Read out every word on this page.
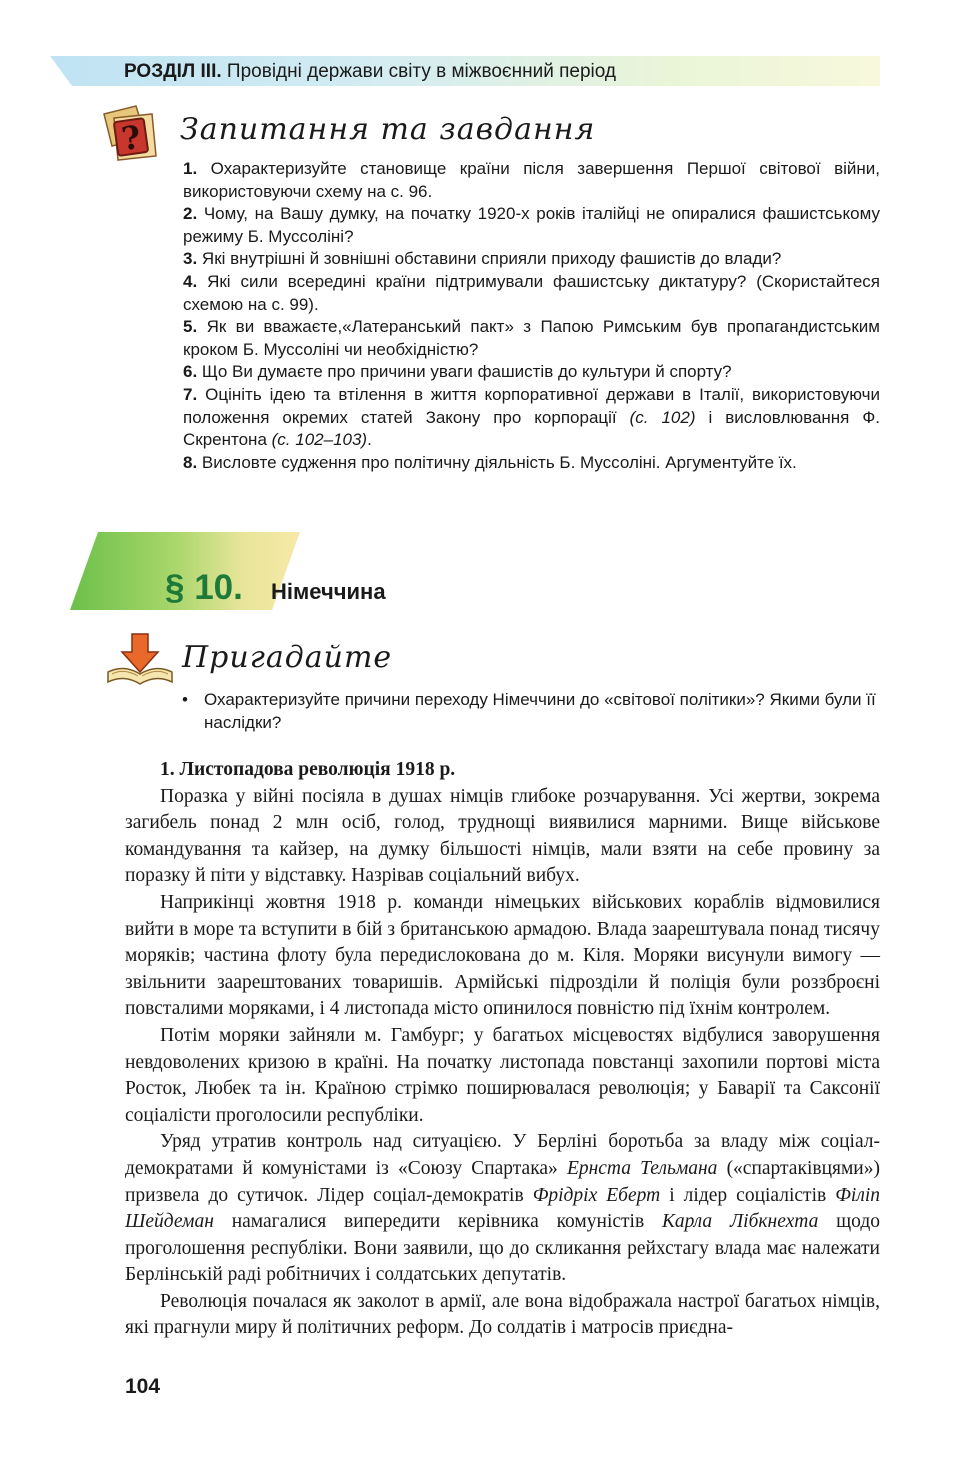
РОЗДІЛ ІІІ. Провідні держави світу в міжвоєнний період
? Запитання та завдання

1. Охарактеризуйте становище країни після завершення Першої світової війни, використовуючи схему на с. 96.

2. Чому, на Вашу думку, на початку 1920-х років італійці не опиралися фашистському режиму Б. Муссоліні?

3. Які внутрішні й зовнішні обставини сприяли приходу фашистів до влади?

4. Які сили всередині країни підтримували фашистську диктатуру? (Скористайтеся схемою на с. 99).

5. Як ви вважаєте,«Латеранський пакт» з Папою Римським був пропагандистським кроком Б. Муссоліні чи необхідністю?

6. Що Ви думаєте про причини уваги фашистів до культури й спорту?

7. Оцініть ідею та втілення в життя корпоративної держави в Італії, використовуючи положення окремих статей Закону про корпорації (с. 102) і висловлювання Ф. Скрентона (с. 102–103).

8. Висловте судження про політичну діяльність Б. Муссоліні. Аргументуйте їх.

§ 10. Німеччина
Пригадайте
• Охарактеризуйте причини переходу Німеччини до «світової політики»? Якими були її наслідки?
1. Листопадова революція 1918 р.

Поразка у війні посіяла в душах німців глибоке розчарування. Усі жертви, зокрема загибель понад 2 млн осіб, голод, труднощі виявилися марними. Вище військове командування та кайзер, на думку більшості німців, мали взяти на себе провину за поразку й піти у відставку. Назрівав соціальний вибух.

Наприкінці жовтня 1918 р. команди німецьких військових кораблів відмовилися вийти в море та вступити в бій з британською армадою. Влада заарештувала понад тисячу моряків; частина флоту була передислокована до м. Кіля. Моряки висунули вимогу — звільнити заарештованих товаришів. Армійські підрозділи й поліція були роззброєні повсталими моряками, і 4 листопада місто опинилося повністю під їхнім контролем.

Потім моряки зайняли м. Гамбург; у багатьох місцевостях відбулися заворушення невдоволених кризою в країні. На початку листопада повстанці захопили портові міста Росток, Любек та ін. Країною стрімко поширювалася революція; у Баварії та Саксонії соціалісти проголосили республіки.

Уряд утратив контроль над ситуацією. У Берліні боротьба за владу між соціал-демократами й комуністами із «Союзу Спартака» Ернста Тельмана («спартаківцями») призвела до сутичок. Лідер соціал-демократів Фрідріх Еберт і лідер соціалістів Філіп Шейдеман намагалися випередити керівника комуністів Карла Лібкнехта щодо проголошення республіки. Вони заявили, що до скликання рейхстагу влада має належати Берлінській раді робітничих і солдатських депутатів.

Революція почалася як заколот в армії, але вона відображала настрої багатьох німців, які прагнули миру й політичних реформ. До солдатів і матросів приєдна-

104
